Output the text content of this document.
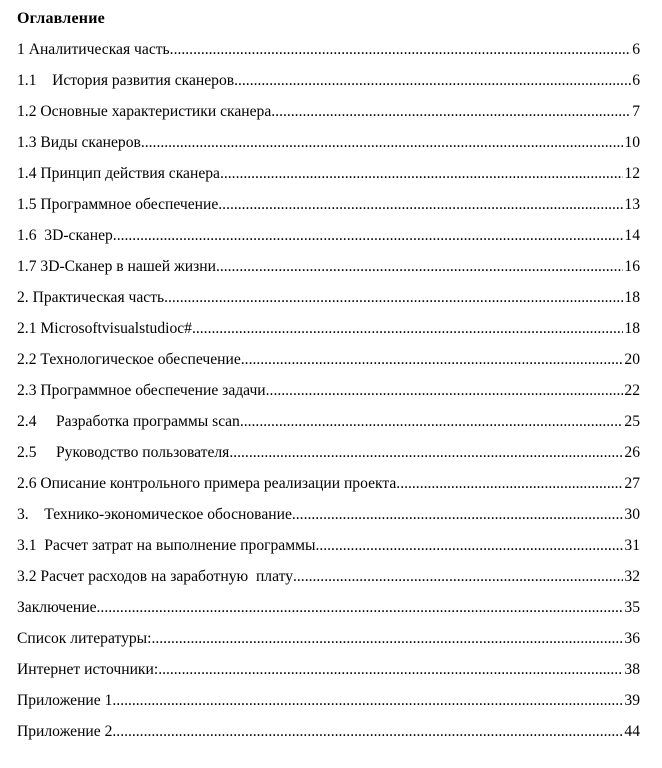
Оглавление
1 Аналитическая часть .....	6
1.1    История развития сканеров .....	6
1.2 Основные характеристики сканера .....	7
1.3 Виды сканеров .....	10
1.4 Принцип действия сканера .....	12
1.5 Программное обеспечение .....	13
1.6  3D-сканер .....	14
1.7 3D-Сканер в нашей жизни .....	16
2. Практическая часть .....	18
2.1 Microsoftvisualstudioc# .....	18
2.2 Технологическое обеспечение .....	20
2.3 Программное обеспечение задачи .....	22
2.4     Разработка программы scan .....	25
2.5     Руководство пользователя .....	26
2.6 Описание контрольного примера реализации проекта. .....	27
3.    Технико-экономическое обоснование .....	30
3.1  Расчет затрат на выполнение программы .....	31
3.2 Расчет расходов на заработную  плату .....	32
Заключение .....	35
Список литературы: .....	36
Интернет источники: .....	38
Приложение 1 .....	39
Приложение 2 .....	44
